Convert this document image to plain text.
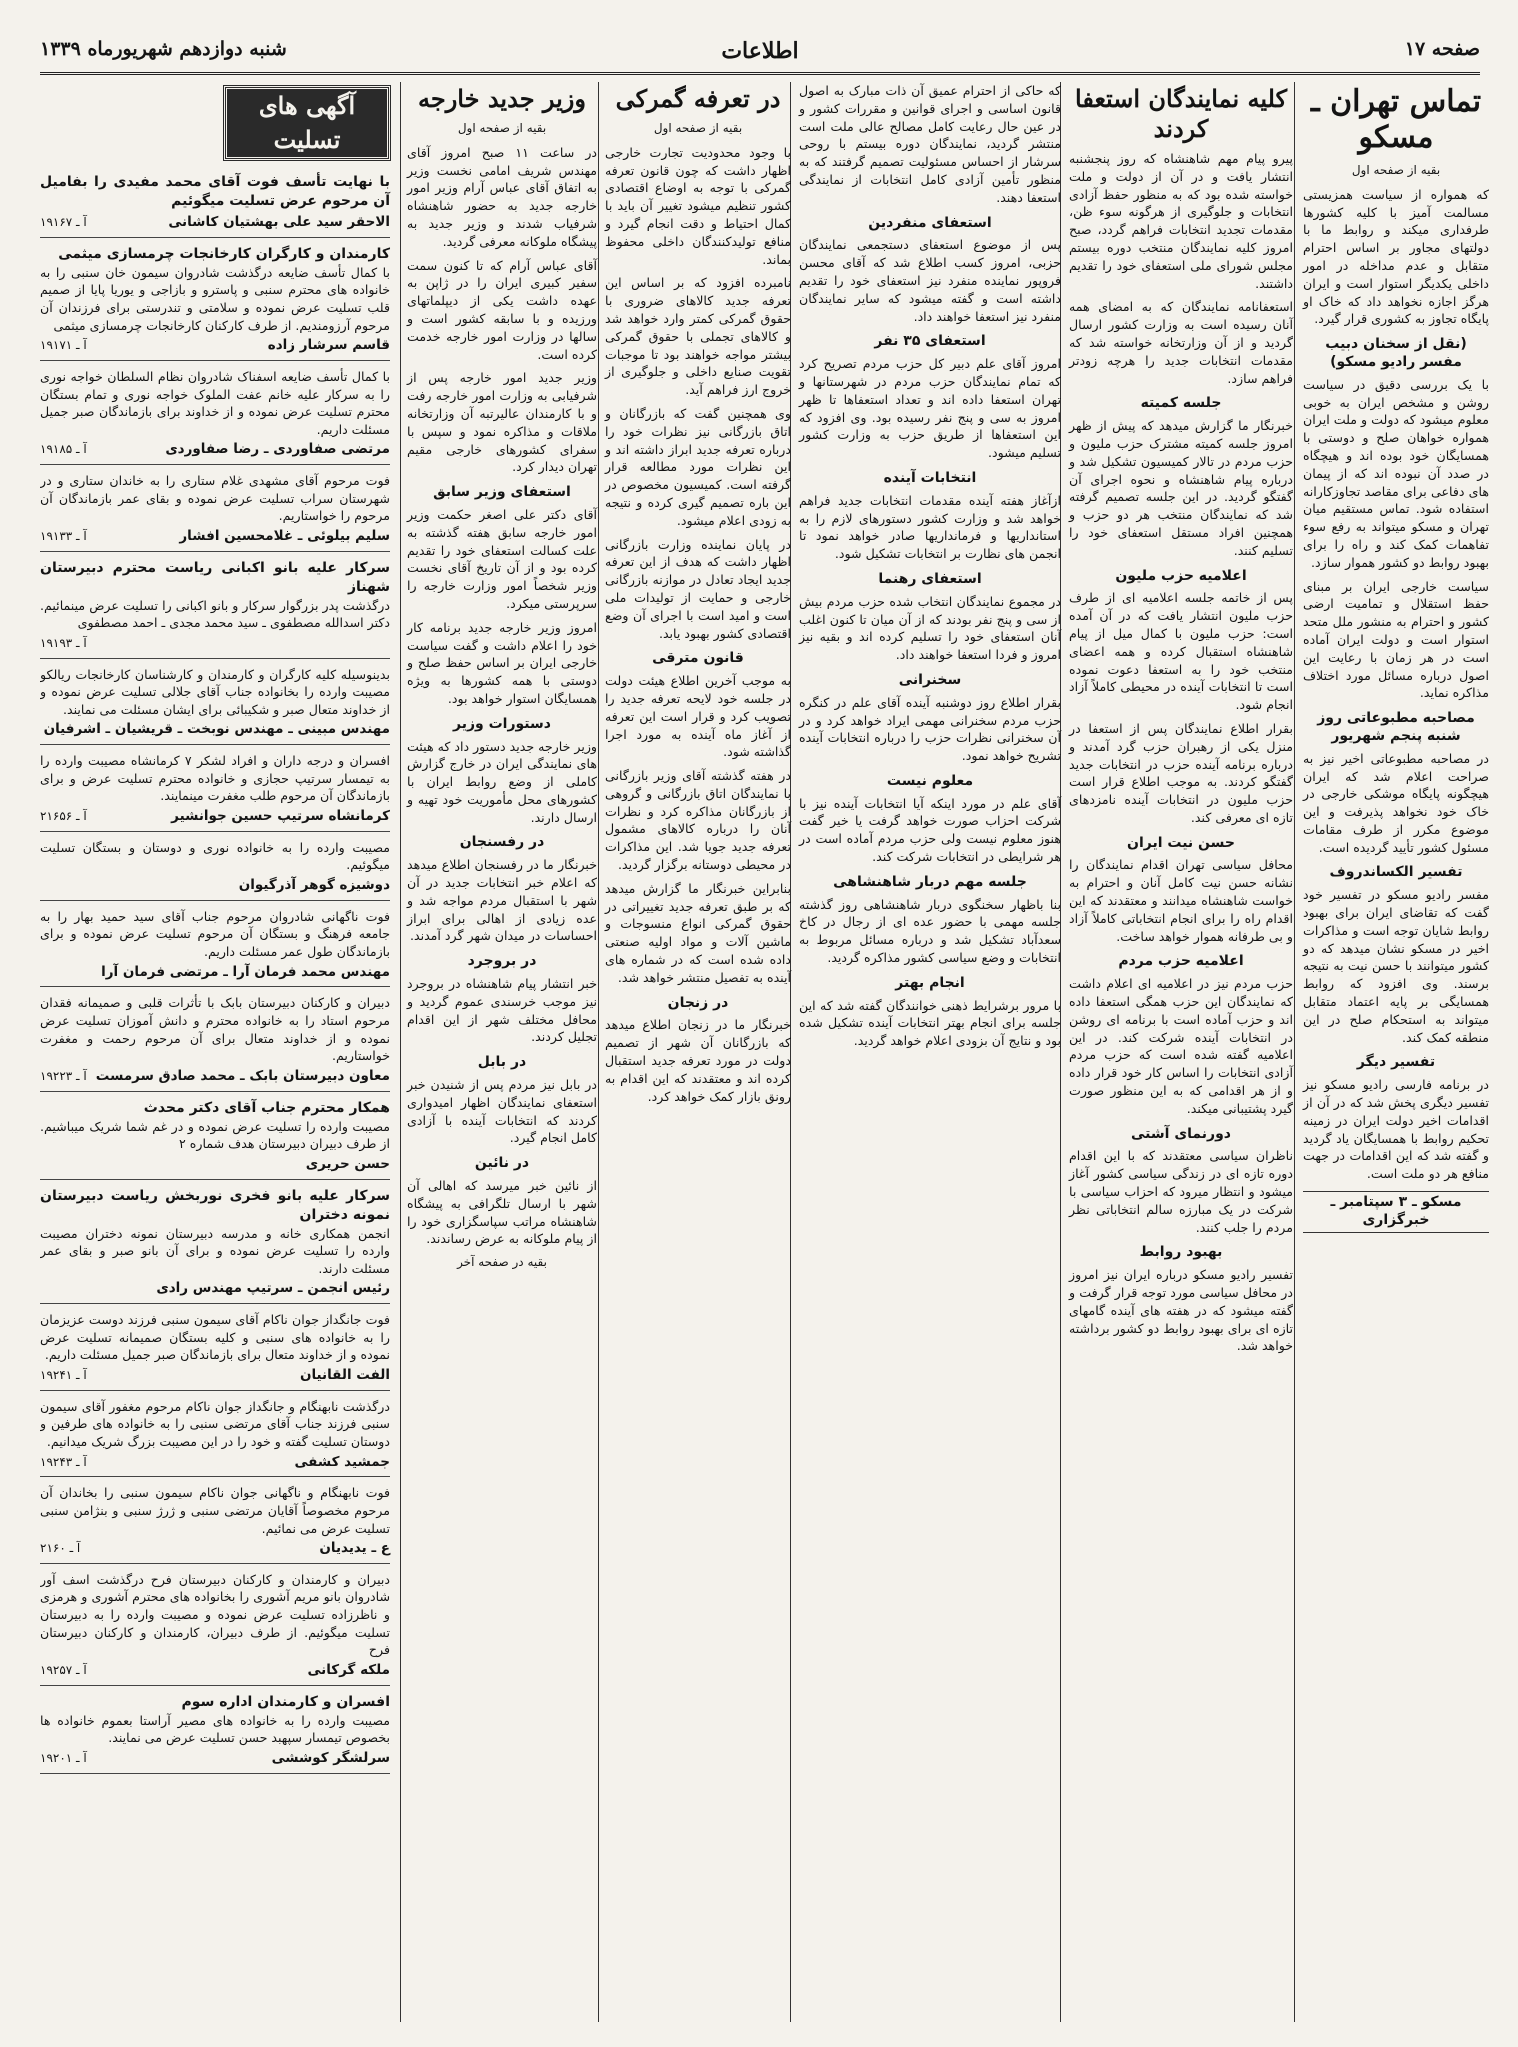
شنبه دوازدهم شهریورماه ۱۳۳۹	اطلاعات	صفحه ۱۷
تماس تهران ـ مسکو
بقیه از صفحه اول

که همواره از سیاست همزیستی مسالمت آمیز با کلیه کشورها طرفداری میکند و روابط ما با دولتهای مجاور بر اساس احترام متقابل و عدم مداخله در امور داخلی یکدیگر استوار است و ایران هرگز اجازه نخواهد داد که خاک او پایگاه تجاوز به کشوری قرار گیرد.

(نقل از سخنان دبیب مفسر رادیو مسکو)

با یک بررسی دقیق در سیاست روشن و مشخص ایران به خوبی معلوم میشود که دولت و ملت ایران همواره خواهان صلح و دوستی با همسایگان خود بوده اند و هیچگاه در صدد آن نبوده اند که از پیمان های دفاعی برای مقاصد تجاوزکارانه استفاده شود. تماس مستقیم میان تهران و مسکو میتواند به رفع سوء تفاهمات کمک کند و راه را برای بهبود روابط دو کشور هموار سازد.

سیاست خارجی ایران بر مبنای حفظ استقلال و تمامیت ارضی کشور و احترام به منشور ملل متحد استوار است و دولت ایران آماده است در هر زمان با رعایت این اصول درباره مسائل مورد اختلاف مذاکره نماید.

مصاحبه مطبوعاتی روز شنبه پنجم شهریور

در مصاحبه مطبوعاتی اخیر نیز به صراحت اعلام شد که ایران هیچگونه پایگاه موشکی خارجی در خاک خود نخواهد پذیرفت و این موضوع مکرر از طرف مقامات مسئول کشور تأیید گردیده است.

تفسیر الکساندروف

مفسر رادیو مسکو در تفسیر خود گفت که تقاضای ایران برای بهبود روابط شایان توجه است و مذاکرات اخیر در مسکو نشان میدهد که دو کشور میتوانند با حسن نیت به نتیجه برسند. وی افزود که روابط همسایگی بر پایه اعتماد متقابل میتواند به استحکام صلح در این منطقه کمک کند.

تفسیر دیگر

در برنامه فارسی رادیو مسکو نیز تفسیر دیگری پخش شد که در آن از اقدامات اخیر دولت ایران در زمینه تحکیم روابط با همسایگان یاد گردید و گفته شد که این اقدامات در جهت منافع هر دو ملت است.

مسکو ـ ۳ سپتامبر ـ خبرگزاری
کلیه نمایندگان استعفا کردند

پیرو پیام مهم شاهنشاه که روز پنجشنبه انتشار یافت و در آن از دولت و ملت خواسته شده بود که به منظور حفظ آزادی انتخابات و جلوگیری از هرگونه سوء ظن، مقدمات تجدید انتخابات فراهم گردد، صبح امروز کلیه نمایندگان منتخب دوره بیستم مجلس شورای ملی استعفای خود را تقدیم داشتند.

استعفانامه نمایندگان که به امضای همه آنان رسیده است به وزارت کشور ارسال گردید و از آن وزارتخانه خواسته شد که مقدمات انتخابات جدید را هرچه زودتر فراهم سازد.

جلسه کمیته

خبرنگار ما گزارش میدهد که پیش از ظهر امروز جلسه کمیته مشترک حزب ملیون و حزب مردم در تالار کمیسیون تشکیل شد و درباره پیام شاهنشاه و نحوه اجرای آن گفتگو گردید. در این جلسه تصمیم گرفته شد که نمایندگان منتخب هر دو حزب و همچنین افراد مستقل استعفای خود را تسلیم کنند.

اعلامیه حزب ملیون

پس از خاتمه جلسه اعلامیه ای از طرف حزب ملیون انتشار یافت که در آن آمده است: حزب ملیون با کمال میل از پیام شاهنشاه استقبال کرده و همه اعضای منتخب خود را به استعفا دعوت نموده است تا انتخابات آینده در محیطی کاملاً آزاد انجام شود.

بقرار اطلاع نمایندگان پس از استعفا در منزل یکی از رهبران حزب گرد آمدند و درباره برنامه آینده حزب در انتخابات جدید گفتگو کردند. به موجب اطلاع قرار است حزب ملیون در انتخابات آینده نامزدهای تازه ای معرفی کند.

حسن نیت ایران

محافل سیاسی تهران اقدام نمایندگان را نشانه حسن نیت کامل آنان و احترام به خواست شاهنشاه میدانند و معتقدند که این اقدام راه را برای انجام انتخاباتی کاملاً آزاد و بی طرفانه هموار خواهد ساخت.

اعلامیه حزب مردم

حزب مردم نیز در اعلامیه ای اعلام داشت که نمایندگان این حزب همگی استعفا داده اند و حزب آماده است با برنامه ای روشن در انتخابات آینده شرکت کند. در این اعلامیه گفته شده است که حزب مردم آزادی انتخابات را اساس کار خود قرار داده و از هر اقدامی که به این منظور صورت گیرد پشتیبانی میکند.

دورنمای آشتی

ناظران سیاسی معتقدند که با این اقدام دوره تازه ای در زندگی سیاسی کشور آغاز میشود و انتظار میرود که احزاب سیاسی با شرکت در یک مبارزه سالم انتخاباتی نظر مردم را جلب کنند.

بهبود روابط

تفسیر رادیو مسکو درباره ایران نیز امروز در محافل سیاسی مورد توجه قرار گرفت و گفته میشود که در هفته های آینده گامهای تازه ای برای بهبود روابط دو کشور برداشته خواهد شد.

که حاکی از احترام عمیق آن ذات مبارک به اصول قانون اساسی و اجرای قوانین و مقررات کشور و در عین حال رعایت کامل مصالح عالی ملت است منتشر گردید، نمایندگان دوره بیستم با روحی سرشار از احساس مسئولیت تصمیم گرفتند که به منظور تأمین آزادی کامل انتخابات از نمایندگی استعفا دهند.

استعفای منفردین

پس از موضوع استعفای دستجمعی نمایندگان حزبی، امروز کسب اطلاع شد که آقای محسن فروپور نماینده منفرد نیز استعفای خود را تقدیم داشته است و گفته میشود که سایر نمایندگان منفرد نیز استعفا خواهند داد.

استعفای ۳۵ نفر

امروز آقای علم دبیر کل حزب مردم تصریح کرد که تمام نمایندگان حزب مردم در شهرستانها و تهران استعفا داده اند و تعداد استعفاها تا ظهر امروز به سی و پنج نفر رسیده بود. وی افزود که این استعفاها از طریق حزب به وزارت کشور تسلیم میشود.

انتخابات آینده

ازآغاز هفته آینده مقدمات انتخابات جدید فراهم خواهد شد و وزارت کشور دستورهای لازم را به استانداریها و فرمانداریها صادر خواهد نمود تا انجمن های نظارت بر انتخابات تشکیل شود.

استعفای رهنما

در مجموع نمایندگان انتخاب شده حزب مردم بیش از سی و پنج نفر بودند که از آن میان تا کنون اغلب آنان استعفای خود را تسلیم کرده اند و بقیه نیز امروز و فردا استعفا خواهند داد.

سخنرانی

بقرار اطلاع روز دوشنبه آینده آقای علم در کنگره حزب مردم سخنرانی مهمی ایراد خواهد کرد و در آن سخنرانی نظرات حزب را درباره انتخابات آینده تشریح خواهد نمود.

معلوم نیست

آقای علم در مورد اینکه آیا انتخابات آینده نیز با شرکت احزاب صورت خواهد گرفت یا خیر گفت هنوز معلوم نیست ولی حزب مردم آماده است در هر شرایطی در انتخابات شرکت کند.

جلسه مهم دربار شاهنشاهی

بنا باظهار سخنگوی دربار شاهنشاهی روز گذشته جلسه مهمی با حضور عده ای از رجال در کاخ سعدآباد تشکیل شد و درباره مسائل مربوط به انتخابات و وضع سیاسی کشور مذاکره گردید.

انجام بهتر

با مرور برشرایط ذهنی خوانندگان گفته شد که این جلسه برای انجام بهتر انتخابات آینده تشکیل شده بود و نتایج آن بزودی اعلام خواهد گردید.

در تعرفه گمرکی
بقیه از صفحه اول

با وجود محدودیت تجارت خارجی اظهار داشت که چون قانون تعرفه گمرکی با توجه به اوضاع اقتصادی کشور تنظیم میشود تغییر آن باید با کمال احتیاط و دقت انجام گیرد و منافع تولیدکنندگان داخلی محفوظ بماند.

نامبرده افزود که بر اساس این تعرفه جدید کالاهای ضروری با حقوق گمرکی کمتر وارد خواهد شد و کالاهای تجملی با حقوق گمرکی بیشتر مواجه خواهند بود تا موجبات تقویت صنایع داخلی و جلوگیری از خروج ارز فراهم آید.

وی همچنین گفت که بازرگانان و اتاق بازرگانی نیز نظرات خود را درباره تعرفه جدید ابراز داشته اند و این نظرات مورد مطالعه قرار گرفته است. کمیسیون مخصوص در این باره تصمیم گیری کرده و نتیجه به زودی اعلام میشود.

در پایان نماینده وزارت بازرگانی اظهار داشت که هدف از این تعرفه جدید ایجاد تعادل در موازنه بازرگانی خارجی و حمایت از تولیدات ملی است و امید است با اجرای آن وضع اقتصادی کشور بهبود یابد.

قانون مترقی

به موجب آخرین اطلاع هیئت دولت در جلسه خود لایحه تعرفه جدید را تصویب کرد و قرار است این تعرفه از آغاز ماه آینده به مورد اجرا گذاشته شود.

در هفته گذشته آقای وزیر بازرگانی با نمایندگان اتاق بازرگانی و گروهی از بازرگانان مذاکره کرد و نظرات آنان را درباره کالاهای مشمول تعرفه جدید جویا شد. این مذاکرات در محیطی دوستانه برگزار گردید.

بنابراین خبرنگار ما گزارش میدهد که بر طبق تعرفه جدید تغییراتی در حقوق گمرکی انواع منسوجات و ماشین آلات و مواد اولیه صنعتی داده شده است که در شماره های آینده به تفصیل منتشر خواهد شد.

در زنجان

خبرنگار ما در زنجان اطلاع میدهد که بازرگانان آن شهر از تصمیم دولت در مورد تعرفه جدید استقبال کرده اند و معتقدند که این اقدام به رونق بازار کمک خواهد کرد.

وزیر جدید خارجه
بقیه از صفحه اول

در ساعت ۱۱ صبح امروز آقای مهندس شریف امامی نخست وزیر به اتفاق آقای عباس آرام وزیر امور خارجه جدید به حضور شاهنشاه شرفیاب شدند و وزیر جدید به پیشگاه ملوکانه معرفی گردید.

آقای عباس آرام که تا کنون سمت سفیر کبیری ایران را در ژاپن به عهده داشت یکی از دیپلماتهای ورزیده و با سابقه کشور است و سالها در وزارت امور خارجه خدمت کرده است.

وزیر جدید امور خارجه پس از شرفیابی به وزارت امور خارجه رفت و با کارمندان عالیرتبه آن وزارتخانه ملاقات و مذاکره نمود و سپس با سفرای کشورهای خارجی مقیم تهران دیدار کرد.

استعفای وزیر سابق

آقای دکتر علی اصغر حکمت وزیر امور خارجه سابق هفته گذشته به علت کسالت استعفای خود را تقدیم کرده بود و از آن تاریخ آقای نخست وزیر شخصاً امور وزارت خارجه را سرپرستی میکرد.

امروز وزیر خارجه جدید برنامه کار خود را اعلام داشت و گفت سیاست خارجی ایران بر اساس حفظ صلح و دوستی با همه کشورها به ویژه همسایگان استوار خواهد بود.

دستورات وزیر

وزیر خارجه جدید دستور داد که هیئت های نمایندگی ایران در خارج گزارش کاملی از وضع روابط ایران با کشورهای محل مأموریت خود تهیه و ارسال دارند.

در رفسنجان

خبرنگار ما در رفسنجان اطلاع میدهد که اعلام خبر انتخابات جدید در آن شهر با استقبال مردم مواجه شد و عده زیادی از اهالی برای ابراز احساسات در میدان شهر گرد آمدند.

در بروجرد

خبر انتشار پیام شاهنشاه در بروجرد نیز موجب خرسندی عموم گردید و محافل مختلف شهر از این اقدام تجلیل کردند.

در بابل

در بابل نیز مردم پس از شنیدن خبر استعفای نمایندگان اظهار امیدواری کردند که انتخابات آینده با آزادی کامل انجام گیرد.

در نائین

از نائین خبر میرسد که اهالی آن شهر با ارسال تلگرافی به پیشگاه شاهنشاه مراتب سپاسگزاری خود را از پیام ملوکانه به عرض رساندند.

بقیه در صفحه آخر
آگهی های تسلیت
با نهایت تأسف فوت آقای محمد مفیدی را بفامیل آن مرحوم عرض تسلیت میگوئیم
الاحقر سید علی بهشتیان کاشانی
آ ـ ۱۹۱۶۷
کارمندان و کارگران کارخانجات چرمسازی میثمی
با کمال تأسف ضایعه درگذشت شادروان سیمون خان سنبی را به خانواده های محترم سنبی و پاسترو و بازاجی و یوریا پایا از صمیم قلب تسلیت عرض نموده و سلامتی و تندرستی برای فرزندان آن مرحوم آرزومندیم. از طرف کارکنان کارخانجات چرمسازی میثمی
قاسم سرشار زاده
آ ـ ۱۹۱۷۱
با کمال تأسف ضایعه اسفناک شادروان نظام السلطان خواجه نوری را به سرکار علیه خانم عفت الملوک خواجه نوری و تمام بستگان محترم تسلیت عرض نموده و از خداوند برای بازماندگان صبر جمیل مسئلت داریم.
مرتضی صفاوردی ـ رضا صفاوردی
آ ـ ۱۹۱۸۵
فوت مرحوم آقای مشهدی غلام ستاری را به خاندان ستاری و در شهرستان سراب تسلیت عرض نموده و بقای عمر بازماندگان آن مرحوم را خواستاریم.
سلیم بیلوئی ـ غلامحسین افشار
آ ـ ۱۹۱۳۳
سرکار علیه بانو اکبانی ریاست محترم دبیرستان شهناز
درگذشت پدر بزرگوار سرکار و بانو اکبانی را تسلیت عرض مینمائیم. دکتر اسدالله مصطفوی ـ سید محمد مجدی ـ احمد مصطفوی
آ ـ ۱۹۱۹۳
بدینوسیله کلیه کارگران و کارمندان و کارشناسان کارخانجات ریالکو مصیبت وارده را بخانواده جناب آقای جلالی تسلیت عرض نموده و از خداوند متعال صبر و شکیبائی برای ایشان مسئلت می نمایند.
مهندس مبینی ـ مهندس نوبخت ـ قریشیان ـ اشرفیان
افسران و درجه داران و افراد لشکر ۷ کرمانشاه مصیبت وارده را به تیمسار سرتیپ حجازی و خانواده محترم تسلیت عرض و برای بازماندگان آن مرحوم طلب مغفرت مینمایند.
کرمانشاه سرتیپ حسین جوانشیر
آ ـ ۲۱۶۵۶
مصیبت وارده را به خانواده نوری و دوستان و بستگان تسلیت میگوئیم.
دوشیزه گوهر آذرگیوان
فوت ناگهانی شادروان مرحوم جناب آقای سید حمید بهار را به جامعه فرهنگ و بستگان آن مرحوم تسلیت عرض نموده و برای بازماندگان طول عمر مسئلت داریم.
مهندس محمد فرمان آرا ـ مرتضی فرمان آرا
دبیران و کارکنان دبیرستان بابک با تأثرات قلبی و صمیمانه فقدان مرحوم استاد را به خانواده محترم و دانش آموزان تسلیت عرض نموده و از خداوند متعال برای آن مرحوم رحمت و مغفرت خواستاریم.
معاون دبیرستان بابک ـ محمد صادق سرمست
آ ـ ۱۹۲۲۳
همکار محترم جناب آقای دکتر محدث
مصیبت وارده را تسلیت عرض نموده و در غم شما شریک میباشیم. از طرف دبیران دبیرستان هدف شماره ۲
حسن حریری
سرکار علیه بانو فخری نوربخش ریاست دبیرستان نمونه دختران
انجمن همکاری خانه و مدرسه دبیرستان نمونه دختران مصیبت وارده را تسلیت عرض نموده و برای آن بانو صبر و بقای عمر مسئلت دارند.
رئیس انجمن ـ سرتیپ مهندس رادی
فوت جانگداز جوان ناکام آقای سیمون سنبی فرزند دوست عزیزمان را به خانواده های سنبی و کلیه بستگان صمیمانه تسلیت عرض نموده و از خداوند متعال برای بازماندگان صبر جمیل مسئلت داریم.
الفت القانیان
آ ـ ۱۹۲۴۱
درگذشت نابهنگام و جانگداز جوان ناکام مرحوم مغفور آقای سیمون سنبی فرزند جناب آقای مرتضی سنبی را به خانواده های طرفین و دوستان تسلیت گفته و خود را در این مصیبت بزرگ شریک میدانیم.
جمشید کشفی
آ ـ ۱۹۲۴۳
فوت نابهنگام و ناگهانی جوان ناکام سیمون سنبی را بخاندان آن مرحوم مخصوصاً آقایان مرتضی سنبی و ژرژ سنبی و بنژامن سنبی تسلیت عرض می نمائیم.
ع ـ یدیدیان
آ ـ ۲۱۶۰
دبیران و کارمندان و کارکنان دبیرستان فرح درگذشت اسف آور شادروان بانو مریم آشوری را بخانواده های محترم آشوری و هرمزی و ناظرزاده تسلیت عرض نموده و مصیبت وارده را به دبیرستان تسلیت میگوئیم. از طرف دبیران، کارمندان و کارکنان دبیرستان فرح
ملکه گرکانی
آ ـ ۱۹۲۵۷
افسران و کارمندان اداره سوم
مصیبت وارده را به خانواده های مصیر آراستا بعموم خانواده ها بخصوص تیمسار سپهبد حسن تسلیت عرض می نمایند.
سرلشگر کوششی
آ ـ ۱۹۲۰۱
